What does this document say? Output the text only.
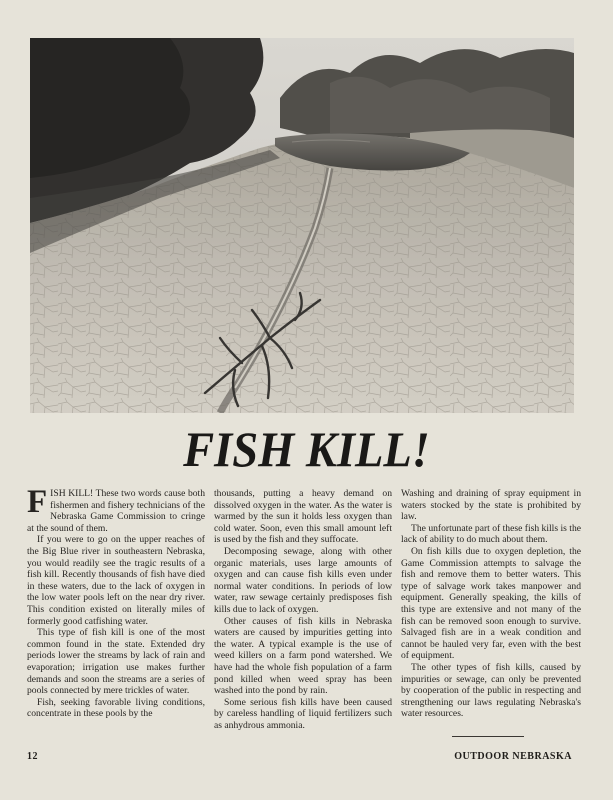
FISH KILL!

FISH KILL! These two words cause both fishermen and fishery technicians of the Nebraska Game Commission to cringe at the sound of them.

If you were to go on the upper reaches of the Big Blue river in southeastern Nebraska, you would readily see the tragic results of a fish kill. Recently thousands of fish have died in these waters, due to the lack of oxygen in the low water pools left on the near dry river. This condition existed on literally miles of formerly good catfishing water.

This type of fish kill is one of the most common found in the state. Extended dry periods lower the streams by lack of rain and evaporation; irrigation use makes further demands and soon the streams are a series of pools connected by mere trickles of water.

Fish, seeking favorable living conditions, concentrate in these pools by the

thousands, putting a heavy demand on dissolved oxygen in the water. As the water is warmed by the sun it holds less oxygen than cold water. Soon, even this small amount left is used by the fish and they suffocate.

Decomposing sewage, along with other organic materials, uses large amounts of oxygen and can cause fish kills even under normal water conditions. In periods of low water, raw sewage certainly predisposes fish kills due to lack of oxygen.

Other causes of fish kills in Nebraska waters are caused by impurities getting into the water. A typical example is the use of weed killers on a farm pond watershed. We have had the whole fish population of a farm pond killed when weed spray has been washed into the pond by rain.

Some serious fish kills have been caused by careless handling of liquid fertilizers such as anhydrous ammonia.

Washing and draining of spray equipment in waters stocked by the state is prohibited by law.

The unfortunate part of these fish kills is the lack of ability to do much about them.

On fish kills due to oxygen depletion, the Game Commission attempts to salvage the fish and remove them to better waters. This type of salvage work takes manpower and equipment. Generally speaking, the kills of this type are extensive and not many of the fish can be removed soon enough to survive. Salvaged fish are in a weak condition and cannot be hauled very far, even with the best of equipment.

The other types of fish kills, caused by impurities or sewage, can only be prevented by cooperation of the public in respecting and strengthening our laws regulating Nebraska's water resources.

12	OUTDOOR NEBRASKA
